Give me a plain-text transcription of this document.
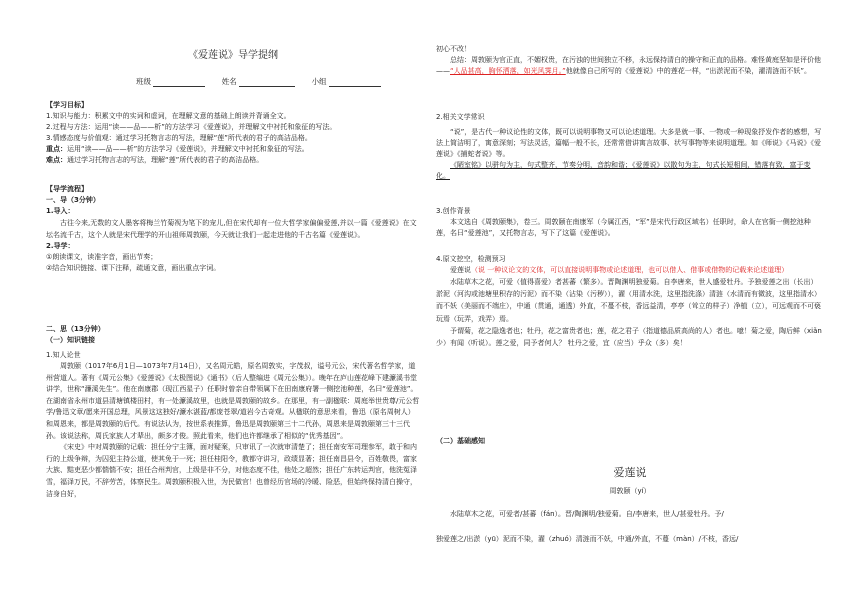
《爱莲说》导学提纲

班级	姓名	小组

【学习目标】

1.知识与能力：积累文中的实词和虚词，在理解文意的基础上朗读并背诵全文。

2.过程与方法：运用“读——品——析”的方法学习《爱莲说》，并理解文中衬托和象征的写法。

3.情感态度与价值观：通过学习托物言志的写法，理解“莲”所代表的君子的高洁品格。

重点：运用“读——品——析”的方法学习《爱莲说》，并理解文中衬托和象征的写法。

难点：通过学习托物言志的写法，理解“莲”所代表的君子的高洁品格。

【导学流程】

一、导（3分钟）

1.导入：

古往今来,无数的文人墨客将梅兰竹菊视为笔下的宠儿,但在宋代却有一位大哲学家偏偏爱莲,并以一篇《爱莲说》在文坛名流千古，这个人就是宋代理学的开山祖师周敦颐，今天就让我们一起走进他的千古名篇《爱莲说》。

2.导学：

①朗读课文，读准字音，画出节奏；

②结合知识链接、课下注释，疏通文意，画出重点字词。

二、思（13分钟）

（一）知识链接

1.知人论世

周敦颐（1017年6月1日—1073年7月14日），又名周元皓，原名周敦实，字茂叔，谥号元公，宋代著名哲学家，道州营道人。著有《周元公集》《爱莲说》《太极图说》《通书》（后人整编进《周元公集》）。晚年在庐山莲花峰下建濂溪书堂讲学，世称“濂溪先生”。他在南康郡（现江西星子）任职时曾亲自带领属下在田南康府署一侧挖池种莲，名曰“爱莲池”。在湖南省永州市道县清塘镇楼田村，有一处濂溪故里，也就是周敦颐的故乡。在那里，有一副楹联：周庭举世贵尊/元公哲学/鲁迅文章/愿来开国总理，风景这这独好/濂水湛蓝/都庞苍翠/道岩今古奇观。从楹联的意思来看，鲁迅（原名周树人）和周恩来，都是周敦颐的后代。有说法认为，按世系表推算，鲁迅是周敦颐第三十二代孙，周恩来是周敦颐第三十三代孙。该说法称，周氏家族人才辈出，颇多才俊。照此看来，他们也许都继承了相似的“优秀基因”。

《宋史》中对周敦颐的记载：担任分宁主簿，面对疑案，只审讯了一次就审清楚了；担任南安军司理参军，敢于和内行的上级争辩，为囚犯主持公道，使其免于一死；担任桂阳令，教都守讲习，政绩显著；担任南昌县令，百姓敬畏，富家大族、黠吏恶少都惴惴不安；担任合州判官，上级是非不分，对他态度不佳，他处之超然；担任广东转运判官，他洗冤泽雪，福泽万民，不辞劳苦，体察民生。周敦颐积极入世，为民做官！也曾经历官场的冷暖、险恶，但始终保持清白操守，洁身自好，

初心不改！

总结：周敦颐为官正直，不媚权贵，在污浊的世间独立不移，永远保持清白的操守和正直的品格。难怪黄庭坚如是评价他——“人品甚高，胸怀洒落，如光风霁月。”他就像自己所写的《爱莲说》中的莲花一样，“出淤泥而不染，濯清涟而不妖”。

2.相关文学常识

“说”，是古代一种议论性的文体，既可以说明事物又可以论述道理。大多是就一事、一物或一种现象抒发作者的感想，写法上简洁明了，寓意深刻；写法灵活，篇幅一般不长，还常常借讲寓言故事、状写事物等来说明道理。如《师说》《马说》《爱莲说》《捕蛇者说》等。

《陋室铭》以骈句为主，句式整齐，节奏分明，音韵和谐；《爱莲说》以散句为主，句式长短相间，错落有致，富于变化。

3.创作背景

本文选自《周敦颐集》，卷三。周敦颐在南康军（今属江西，“军”是宋代行政区域名）任职时，命人在官衙一侧挖池种莲，名曰“爱莲池”，又托物言志，写下了这篇《爱莲说》。

4.原文挖空，检测预习

爱莲说（说 一种议论文的文体，可以直接说明事物或论述道理，也可以借人、借事或借物的记载来论述道理）

水陆草木之花，可爱（值得喜爱）者甚蕃（繁多）。晋陶渊明独爱菊。自李唐来，世人盛爱牡丹。予独爱莲之出（长出）淤泥（河沟或池塘里积存的污泥）而不染（沾染（污秽）），濯（用清水洗，这里指洗涤）清涟（水清而有微波，这里指清水）而不妖（美丽而不端庄），中通（贯通，通透）外直，不蔓不枝，香远益清，亭亭（耸立的样子）净植（立），可远观而不可亵玩焉（玩弄，戏弄）焉。

予谓菊，花之隐逸者也；牡丹，花之富贵者也；莲，花之君子（指道德品质高尚的人）者也。噫！菊之爱，陶后鲜（xiǎn 少）有闻（听说）。莲之爱，同予者何人？ 牡丹之爱，宜（应当）乎众（多）矣！

（二）基础感知

爱莲说

周敦颐（yí）

水陆草木之花，可爱者/甚蕃（fán）。晋/陶渊明/独爱菊。自/李唐来，世人/甚爱牡丹。予/

独爱莲之/出淤（yū）泥而不染，濯（zhuó）清涟而不妖，中通/外直，不蔓（màn）/不枝，香远/
